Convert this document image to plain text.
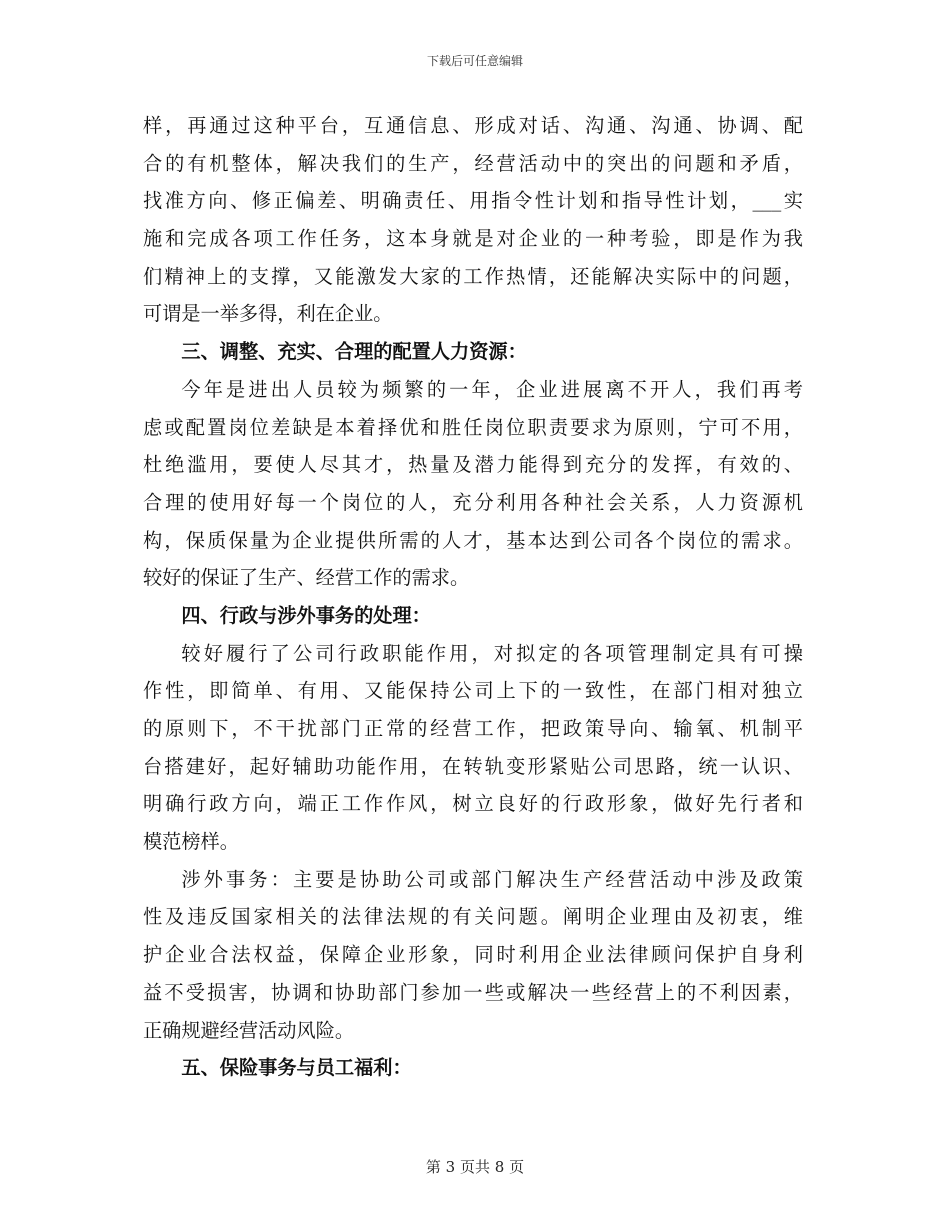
下载后可任意编辑
样，再通过这种平台，互通信息、形成对话、沟通、沟通、协调、配
合的有机整体，解决我们的生产，经营活动中的突出的问题和矛盾，
找准方向、修正偏差、明确责任、用指令性计划和指导性计划，___实
施和完成各项工作任务，这本身就是对企业的一种考验，即是作为我
们精神上的支撑，又能激发大家的工作热情，还能解决实际中的问题，
可谓是一举多得，利在企业。
三、调整、充实、合理的配置人力资源：
今年是进出人员较为频繁的一年，企业进展离不开人，我们再考
虑或配置岗位差缺是本着择优和胜任岗位职责要求为原则，宁可不用，
杜绝滥用，要使人尽其才，热量及潜力能得到充分的发挥，有效的、
合理的使用好每一个岗位的人，充分利用各种社会关系，人力资源机
构，保质保量为企业提供所需的人才，基本达到公司各个岗位的需求。
较好的保证了生产、经营工作的需求。
四、行政与涉外事务的处理：
较好履行了公司行政职能作用，对拟定的各项管理制定具有可操
作性，即简单、有用、又能保持公司上下的一致性，在部门相对独立
的原则下，不干扰部门正常的经营工作，把政策导向、输氧、机制平
台搭建好，起好辅助功能作用，在转轨变形紧贴公司思路，统一认识、
明确行政方向，端正工作作风，树立良好的行政形象，做好先行者和
模范榜样。
涉外事务：主要是协助公司或部门解决生产经营活动中涉及政策
性及违反国家相关的法律法规的有关问题。阐明企业理由及初衷，维
护企业合法权益，保障企业形象，同时利用企业法律顾问保护自身利
益不受损害，协调和协助部门参加一些或解决一些经营上的不利因素，
正确规避经营活动风险。
五、保险事务与员工福利：
第 3 页共 8 页
